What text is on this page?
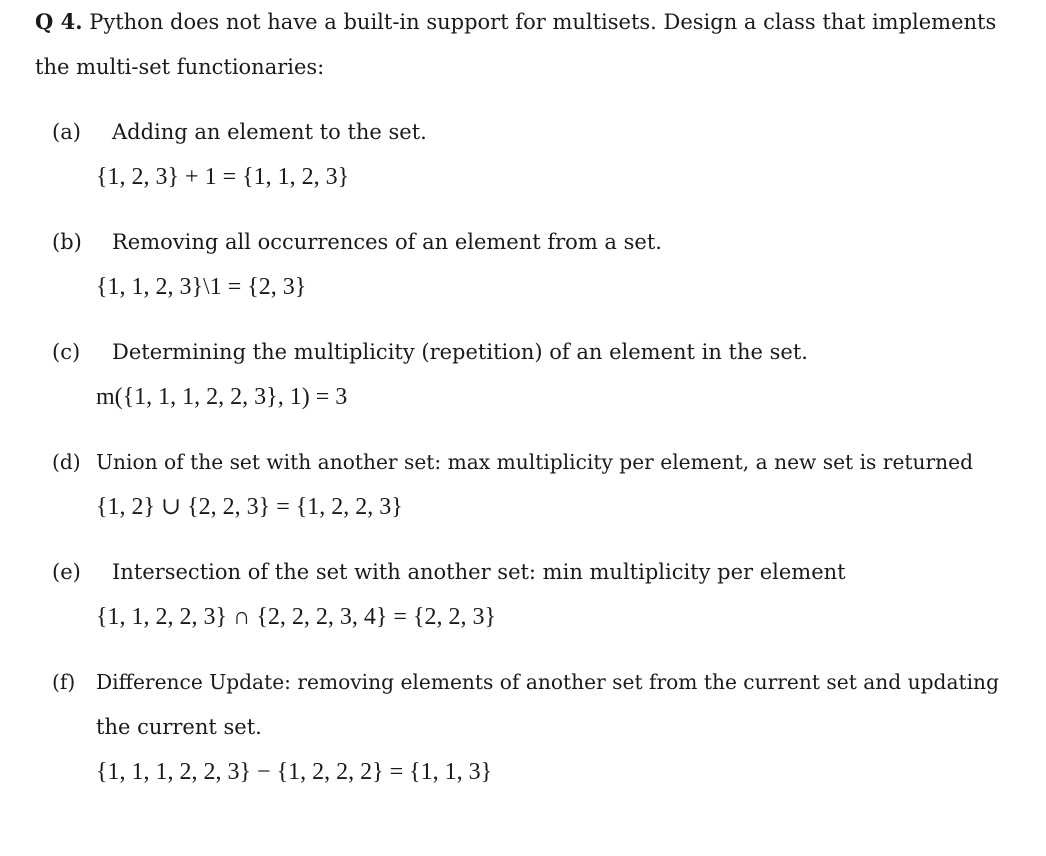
Q 4. Python does not have a built-in support for multisets. Design a class that implements
the multi-set functionaries:
(a) Adding an element to the set.
{1, 2, 3} + 1 = {1, 1, 2, 3}
(b) Removing all occurrences of an element from a set.
{1, 1, 2, 3}\1 = {2, 3}
(c) Determining the multiplicity (repetition) of an element in the set.
m({1, 1, 1, 2, 2, 3}, 1) = 3
(d) Union of the set with another set: max multiplicity per element, a new set is returned
{1, 2} ∪ {2, 2, 3} = {1, 2, 2, 3}
(e) Intersection of the set with another set: min multiplicity per element
{1, 1, 2, 2, 3} ∩ {2, 2, 2, 3, 4} = {2, 2, 3}
(f) Difference Update: removing elements of another set from the current set and updating
the current set.
{1, 1, 1, 2, 2, 3} − {1, 2, 2, 2} = {1, 1, 3}
